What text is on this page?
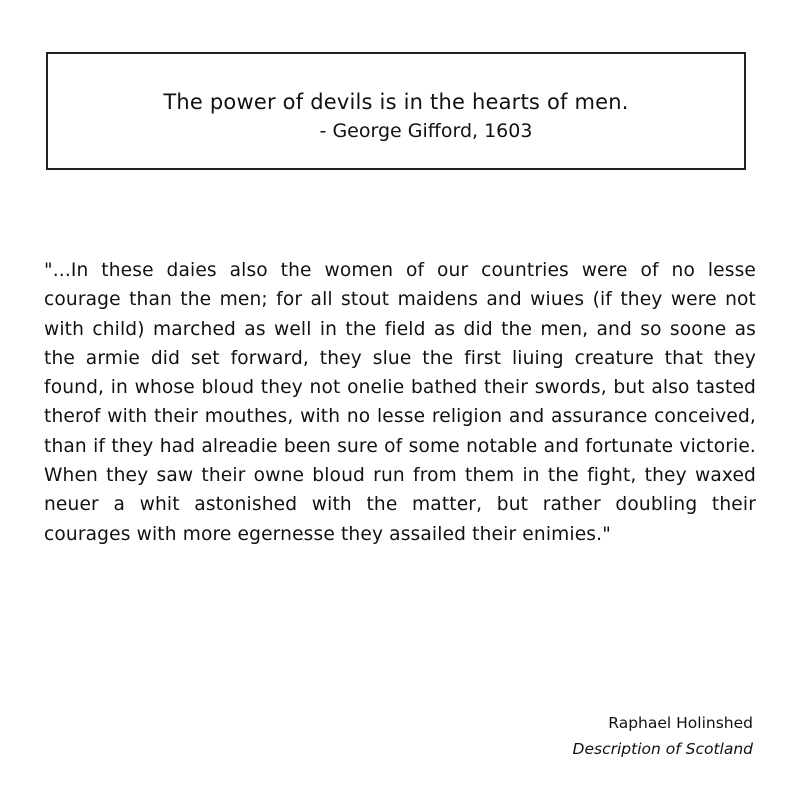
The power of devils is in the hearts of men.
- George Gifford, 1603

"...In these daies also the women of our countries were of no lesse courage than the men; for all stout maidens and wiues (if they were not with child) marched as well in the field as did the men, and so soone as the armie did set forward, they slue the first liuing creature that they found, in whose bloud they not onelie bathed their swords, but also tasted therof with their mouthes, with no lesse religion and assurance conceived, than if they had alreadie been sure of some notable and fortunate victorie. When they saw their owne bloud run from them in the fight, they waxed neuer a whit astonished with the matter, but rather doubling their courages with more egernesse they assailed their enimies."

Raphael Holinshed
Description of Scotland
